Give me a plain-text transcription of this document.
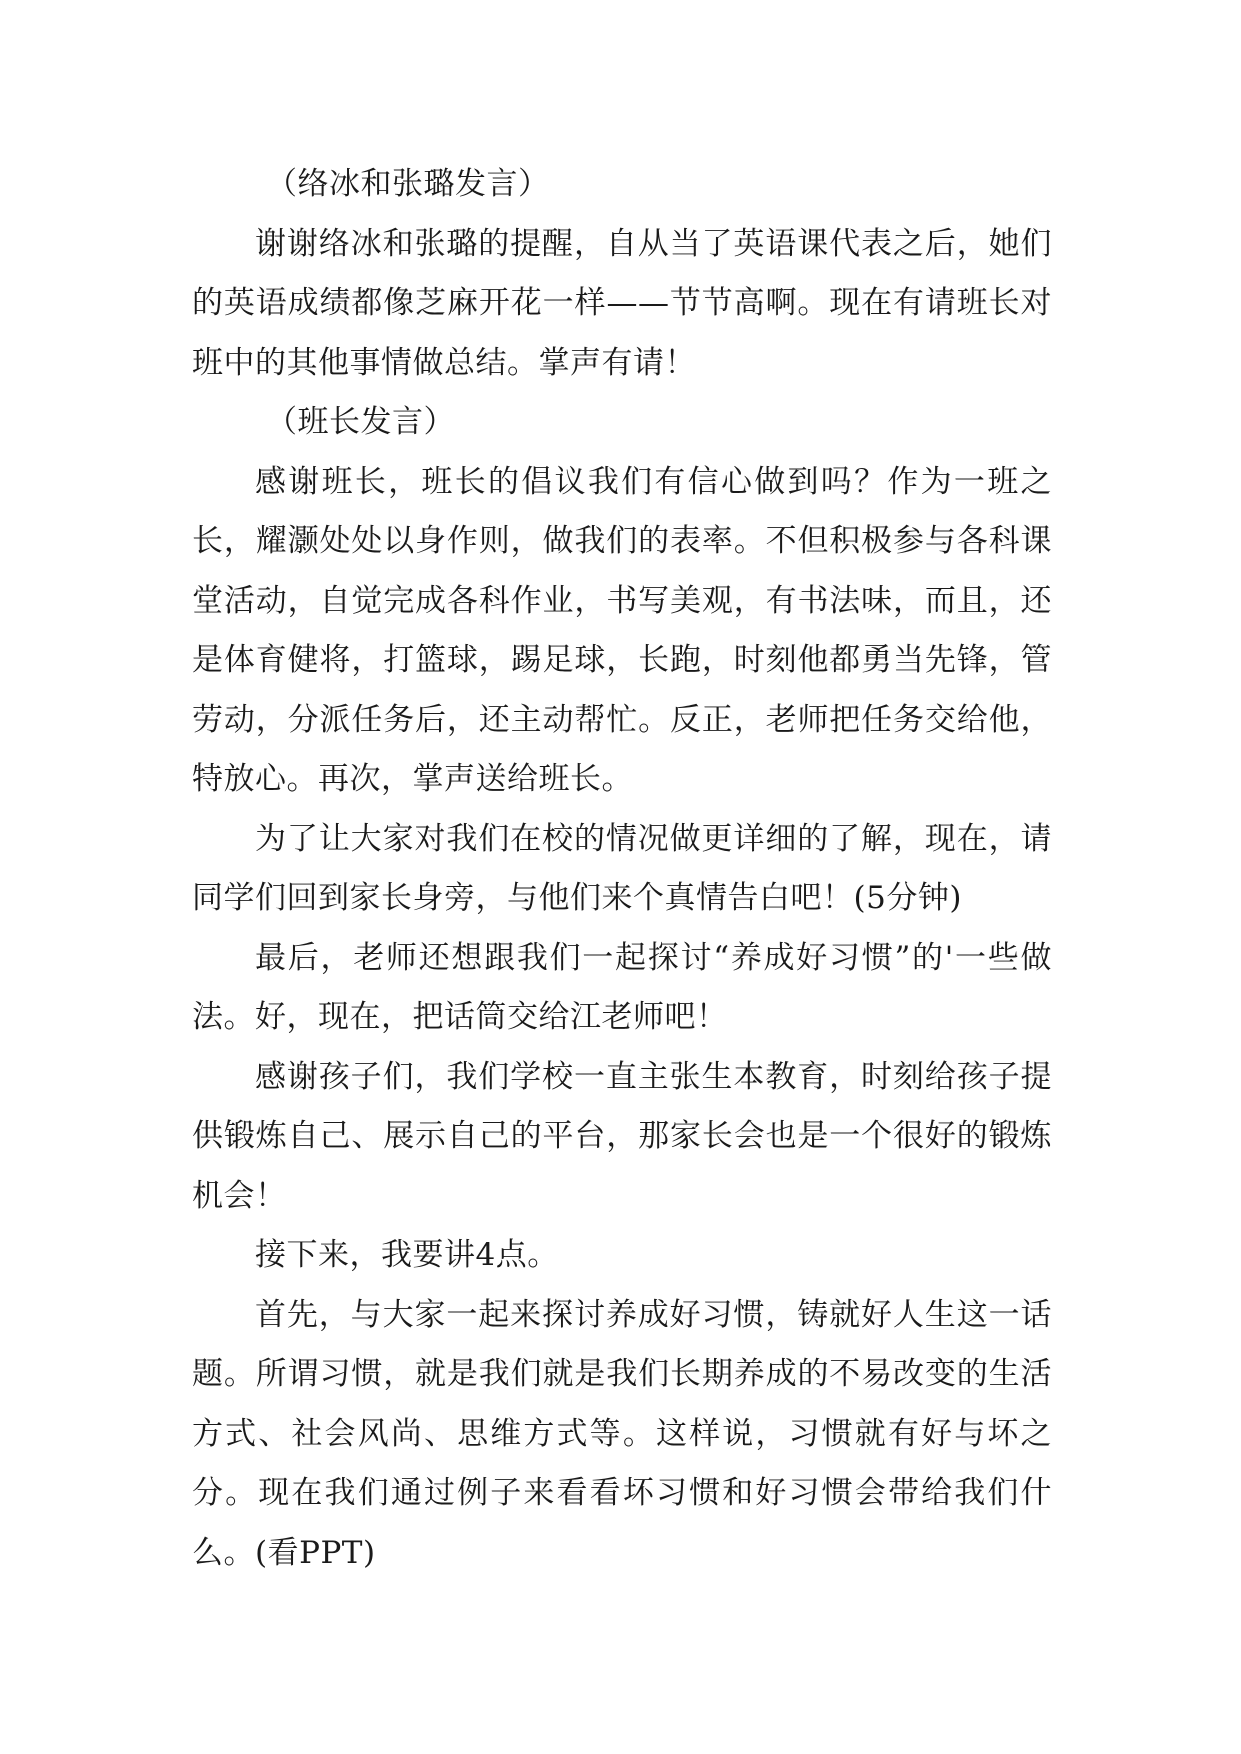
（络冰和张璐发言）

谢谢络冰和张璐的提醒，自从当了英语课代表之后，她们的英语成绩都像芝麻开花一样——节节高啊。现在有请班长对班中的其他事情做总结。掌声有请！

（班长发言）

感谢班长，班长的倡议我们有信心做到吗？作为一班之长，耀灏处处以身作则，做我们的表率。不但积极参与各科课堂活动，自觉完成各科作业，书写美观，有书法味，而且，还是体育健将，打篮球，踢足球，长跑，时刻他都勇当先锋，管劳动，分派任务后，还主动帮忙。反正，老师把任务交给他，特放心。再次，掌声送给班长。

为了让大家对我们在校的情况做更详细的了解，现在，请同学们回到家长身旁，与他们来个真情告白吧！(5分钟)

最后，老师还想跟我们一起探讨“养成好习惯”的'一些做法。好，现在，把话筒交给江老师吧！

感谢孩子们，我们学校一直主张生本教育，时刻给孩子提供锻炼自己、展示自己的平台，那家长会也是一个很好的锻炼机会！

接下来，我要讲4点。

首先，与大家一起来探讨养成好习惯，铸就好人生这一话题。所谓习惯，就是我们就是我们长期养成的不易改变的生活方式、社会风尚、思维方式等。这样说，习惯就有好与坏之分。现在我们通过例子来看看坏习惯和好习惯会带给我们什么。(看PPT)
